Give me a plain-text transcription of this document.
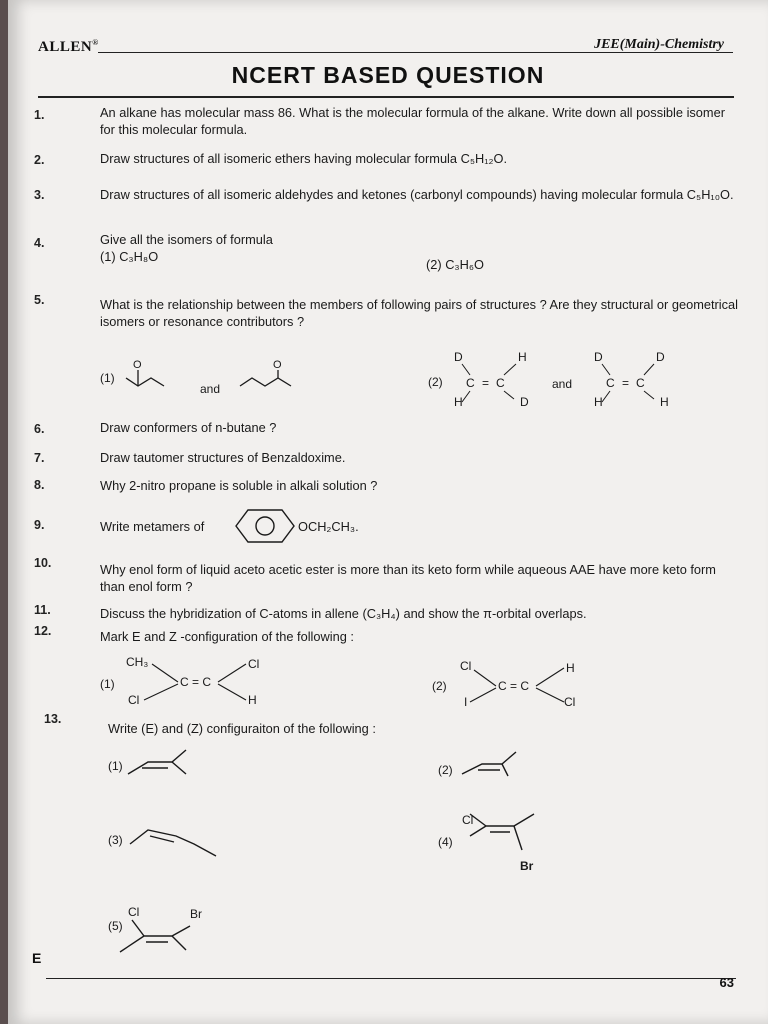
ALLEN®	JEE(Main)-Chemistry
NCERT BASED QUESTION
1.	An alkane has molecular mass 86. What is the molecular formula of the alkane. Write down all possible isomer for this molecular formula.
2.	Draw structures of all isomeric ethers having molecular formula C₅H₁₂O.
3.	Draw structures of all isomeric aldehydes and ketones (carbonyl compounds) having molecular formula C₅H₁₀O.
4.	Give all the isomers of formula
(1) C₃H₈O
(2) C₃H₆O
5.	What is the relationship between the members of following pairs of structures ? Are they structural or geometrical isomers or resonance contributors ?
(1)
O
and
O
(2)
D	H
C = C
H	D
and
D	D
C = C
H	H
6.	Draw conformers of n-butane ?
7.	Draw tautomer structures of Benzaldoxime.
8.	Why 2-nitro propane is soluble in alkali solution ?
9.	Write metamers of	OCH₂CH₃.
10.	Why enol form of liquid aceto acetic ester is more than its keto form while aqueous AAE have more keto form than enol form ?
11.	Discuss the hybridization of C-atoms in allene (C₃H₄) and show the π-orbital overlaps.
12.	Mark E and Z -configuration of the following :
(1)
CH₃
Cl
C = C
Cl
H
(2)
Cl
I
C = C
H
Cl
13.
Write (E) and (Z) configuraiton of the following :
(1)	(2)
(3)	(4)
Cl
Br
(5)
Cl	Br
E
63
